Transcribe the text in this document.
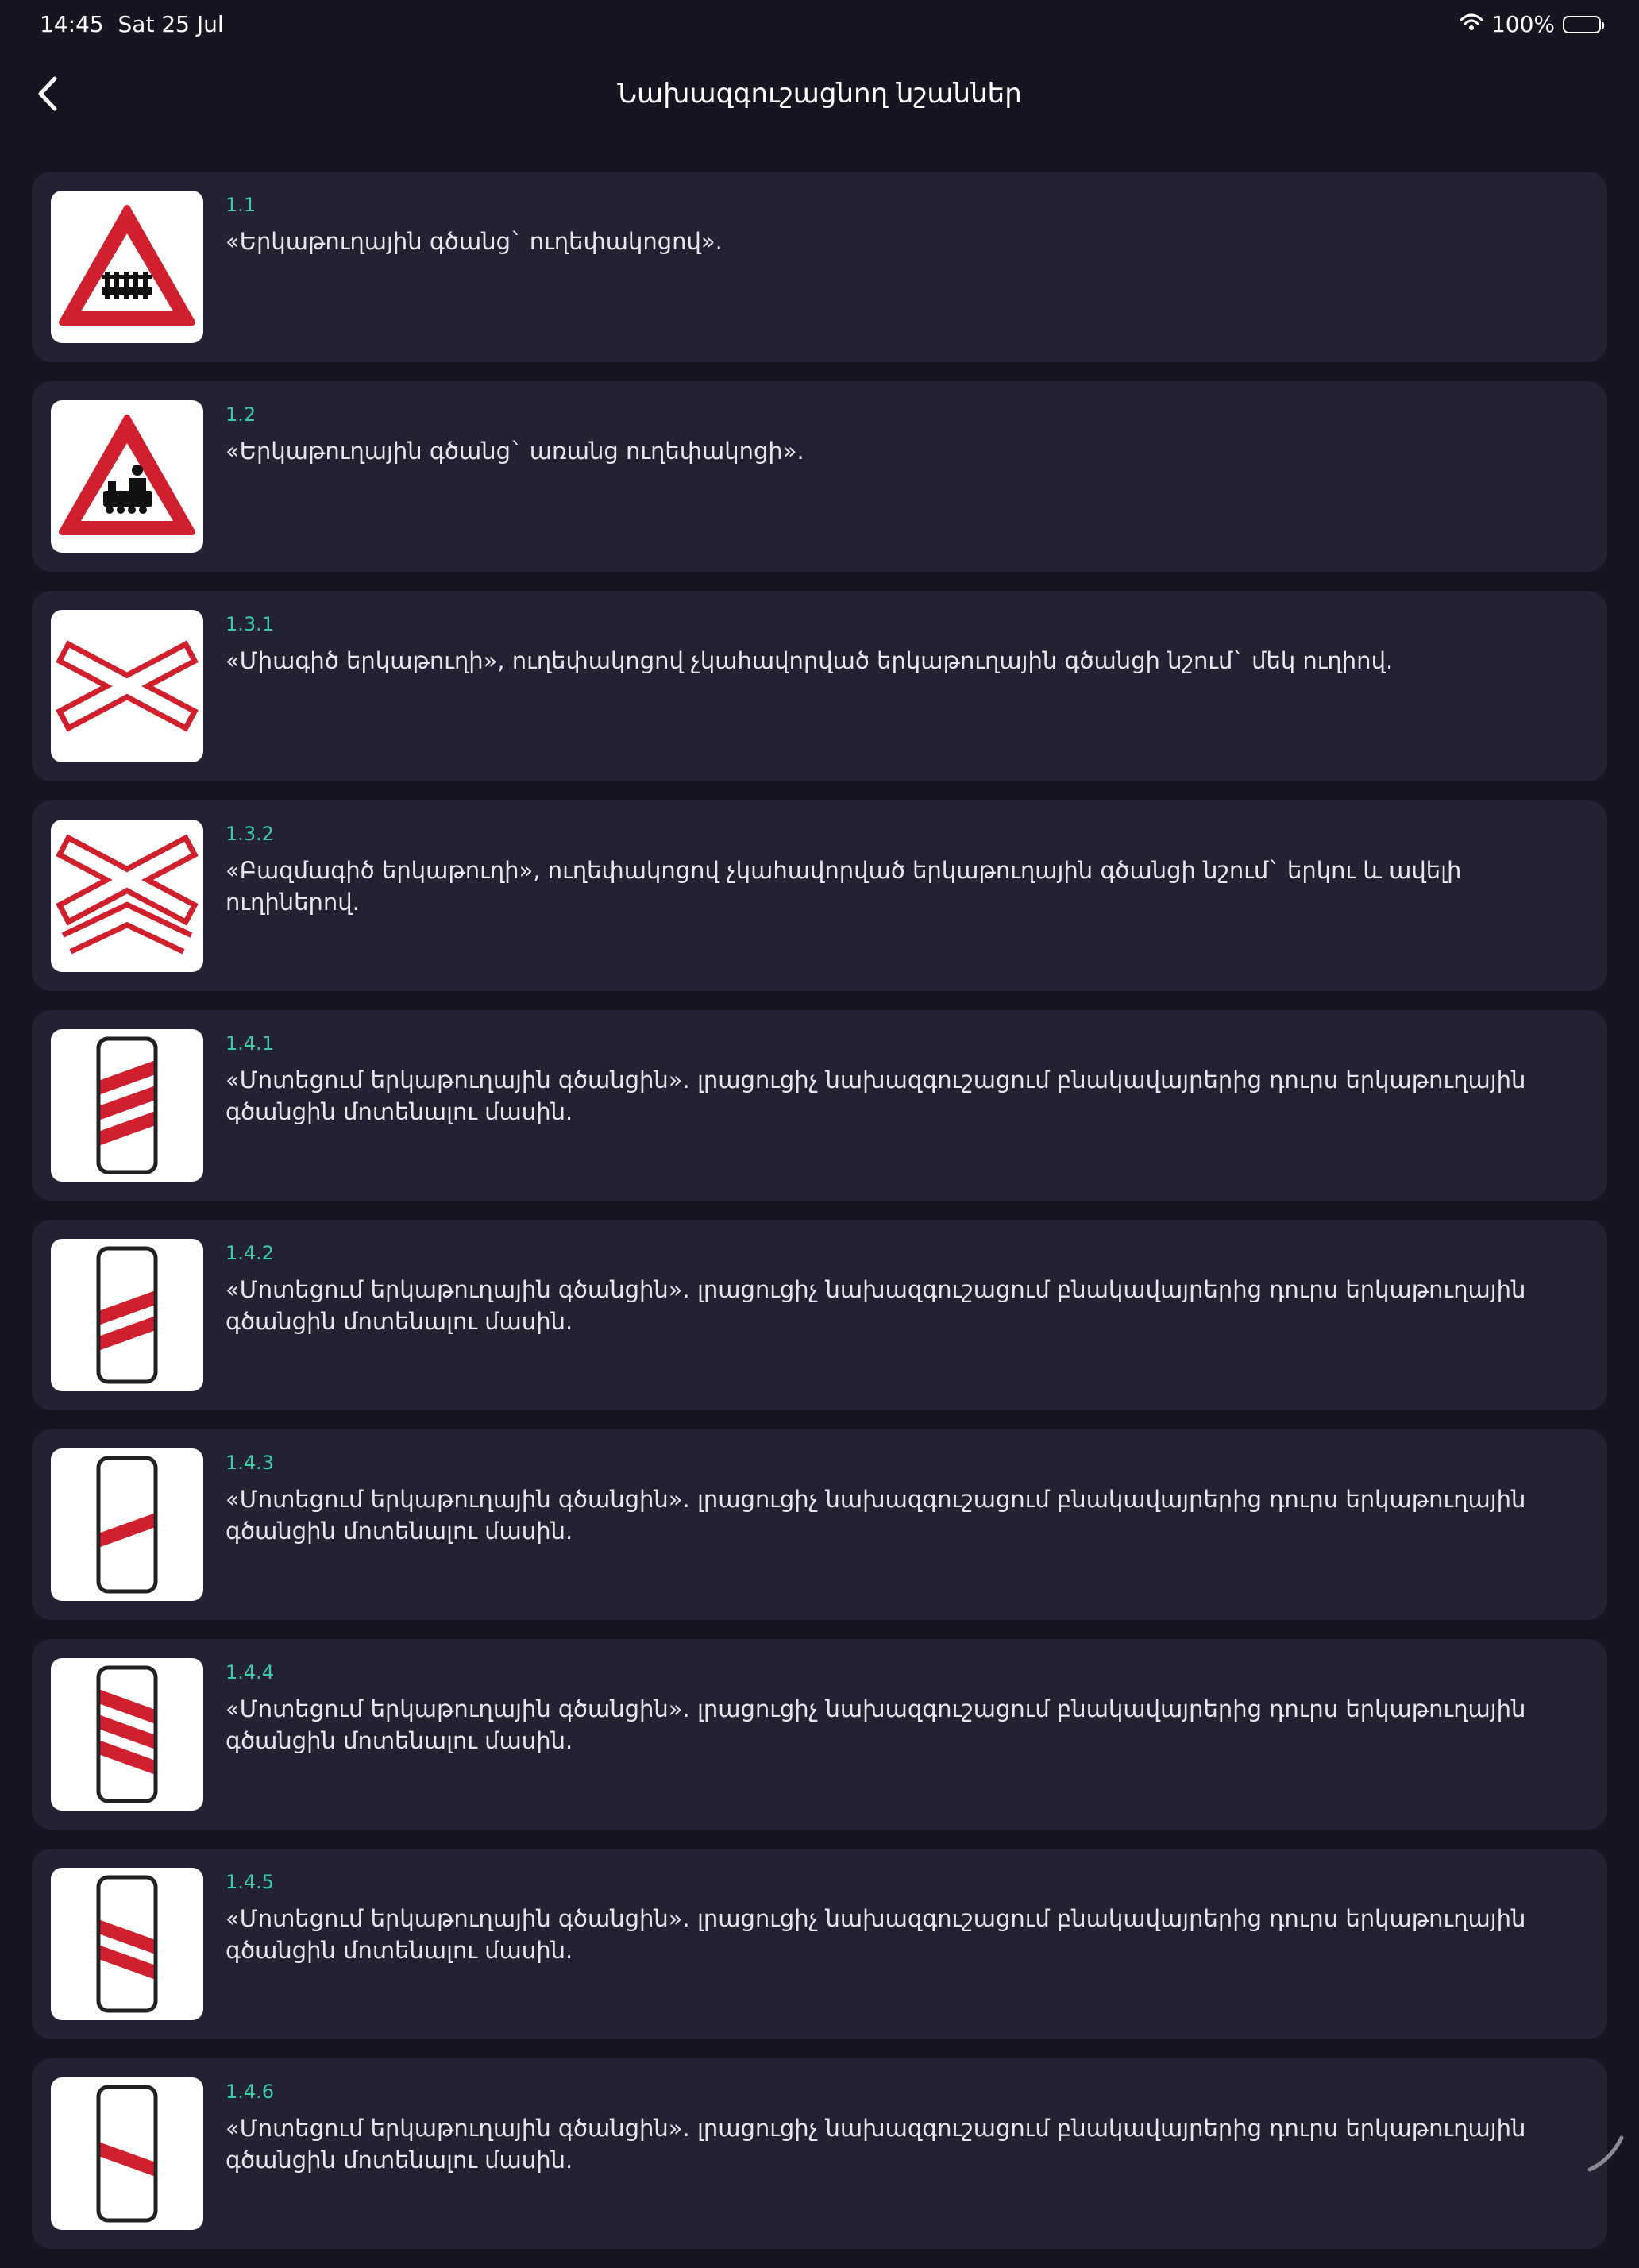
14:45 Sat 25 Jul	100%
Նախազգուշացնող նշաններ
1.1
«Երկաթուղային գծանց` ուղեփակոցով».
1.2
«Երկաթուղային գծանց` առանց ուղեփակոցի».
1.3.1
«Միագիծ երկաթուղի», ուղեփակոցով չկահավորված երկաթուղային գծանցի նշում` մեկ ուղիով.
1.3.2
«Բազմագիծ երկաթուղի», ուղեփակոցով չկահավորված երկաթուղային գծանցի նշում` երկու և ավելի ուղիներով.
1.4.1
«Մոտեցում երկաթուղային գծանցին». լրացուցիչ նախազգուշացում բնակավայրերից դուրս երկաթուղային գծանցին մոտենալու մասին.
1.4.2
«Մոտեցում երկաթուղային գծանցին». լրացուցիչ նախազգուշացում բնակավայրերից դուրս երկաթուղային գծանցին մոտենալու մասին.
1.4.3
«Մոտեցում երկաթուղային գծանցին». լրացուցիչ նախազգուշացում բնակավայրերից դուրս երկաթուղային գծանցին մոտենալու մասին.
1.4.4
«Մոտեցում երկաթուղային գծանցին». լրացուցիչ նախազգուշացում բնակավայրերից դուրս երկաթուղային գծանցին մոտենալու մասին.
1.4.5
«Մոտեցում երկաթուղային գծանցին». լրացուցիչ նախազգուշացում բնակավայրերից դուրս երկաթուղային գծանցին մոտենալու մասին.
1.4.6
«Մոտեցում երկաթուղային գծանցին». լրացուցիչ նախազգուշացում բնակավայրերից դուրս երկաթուղային գծանցին մոտենալու մասին.
